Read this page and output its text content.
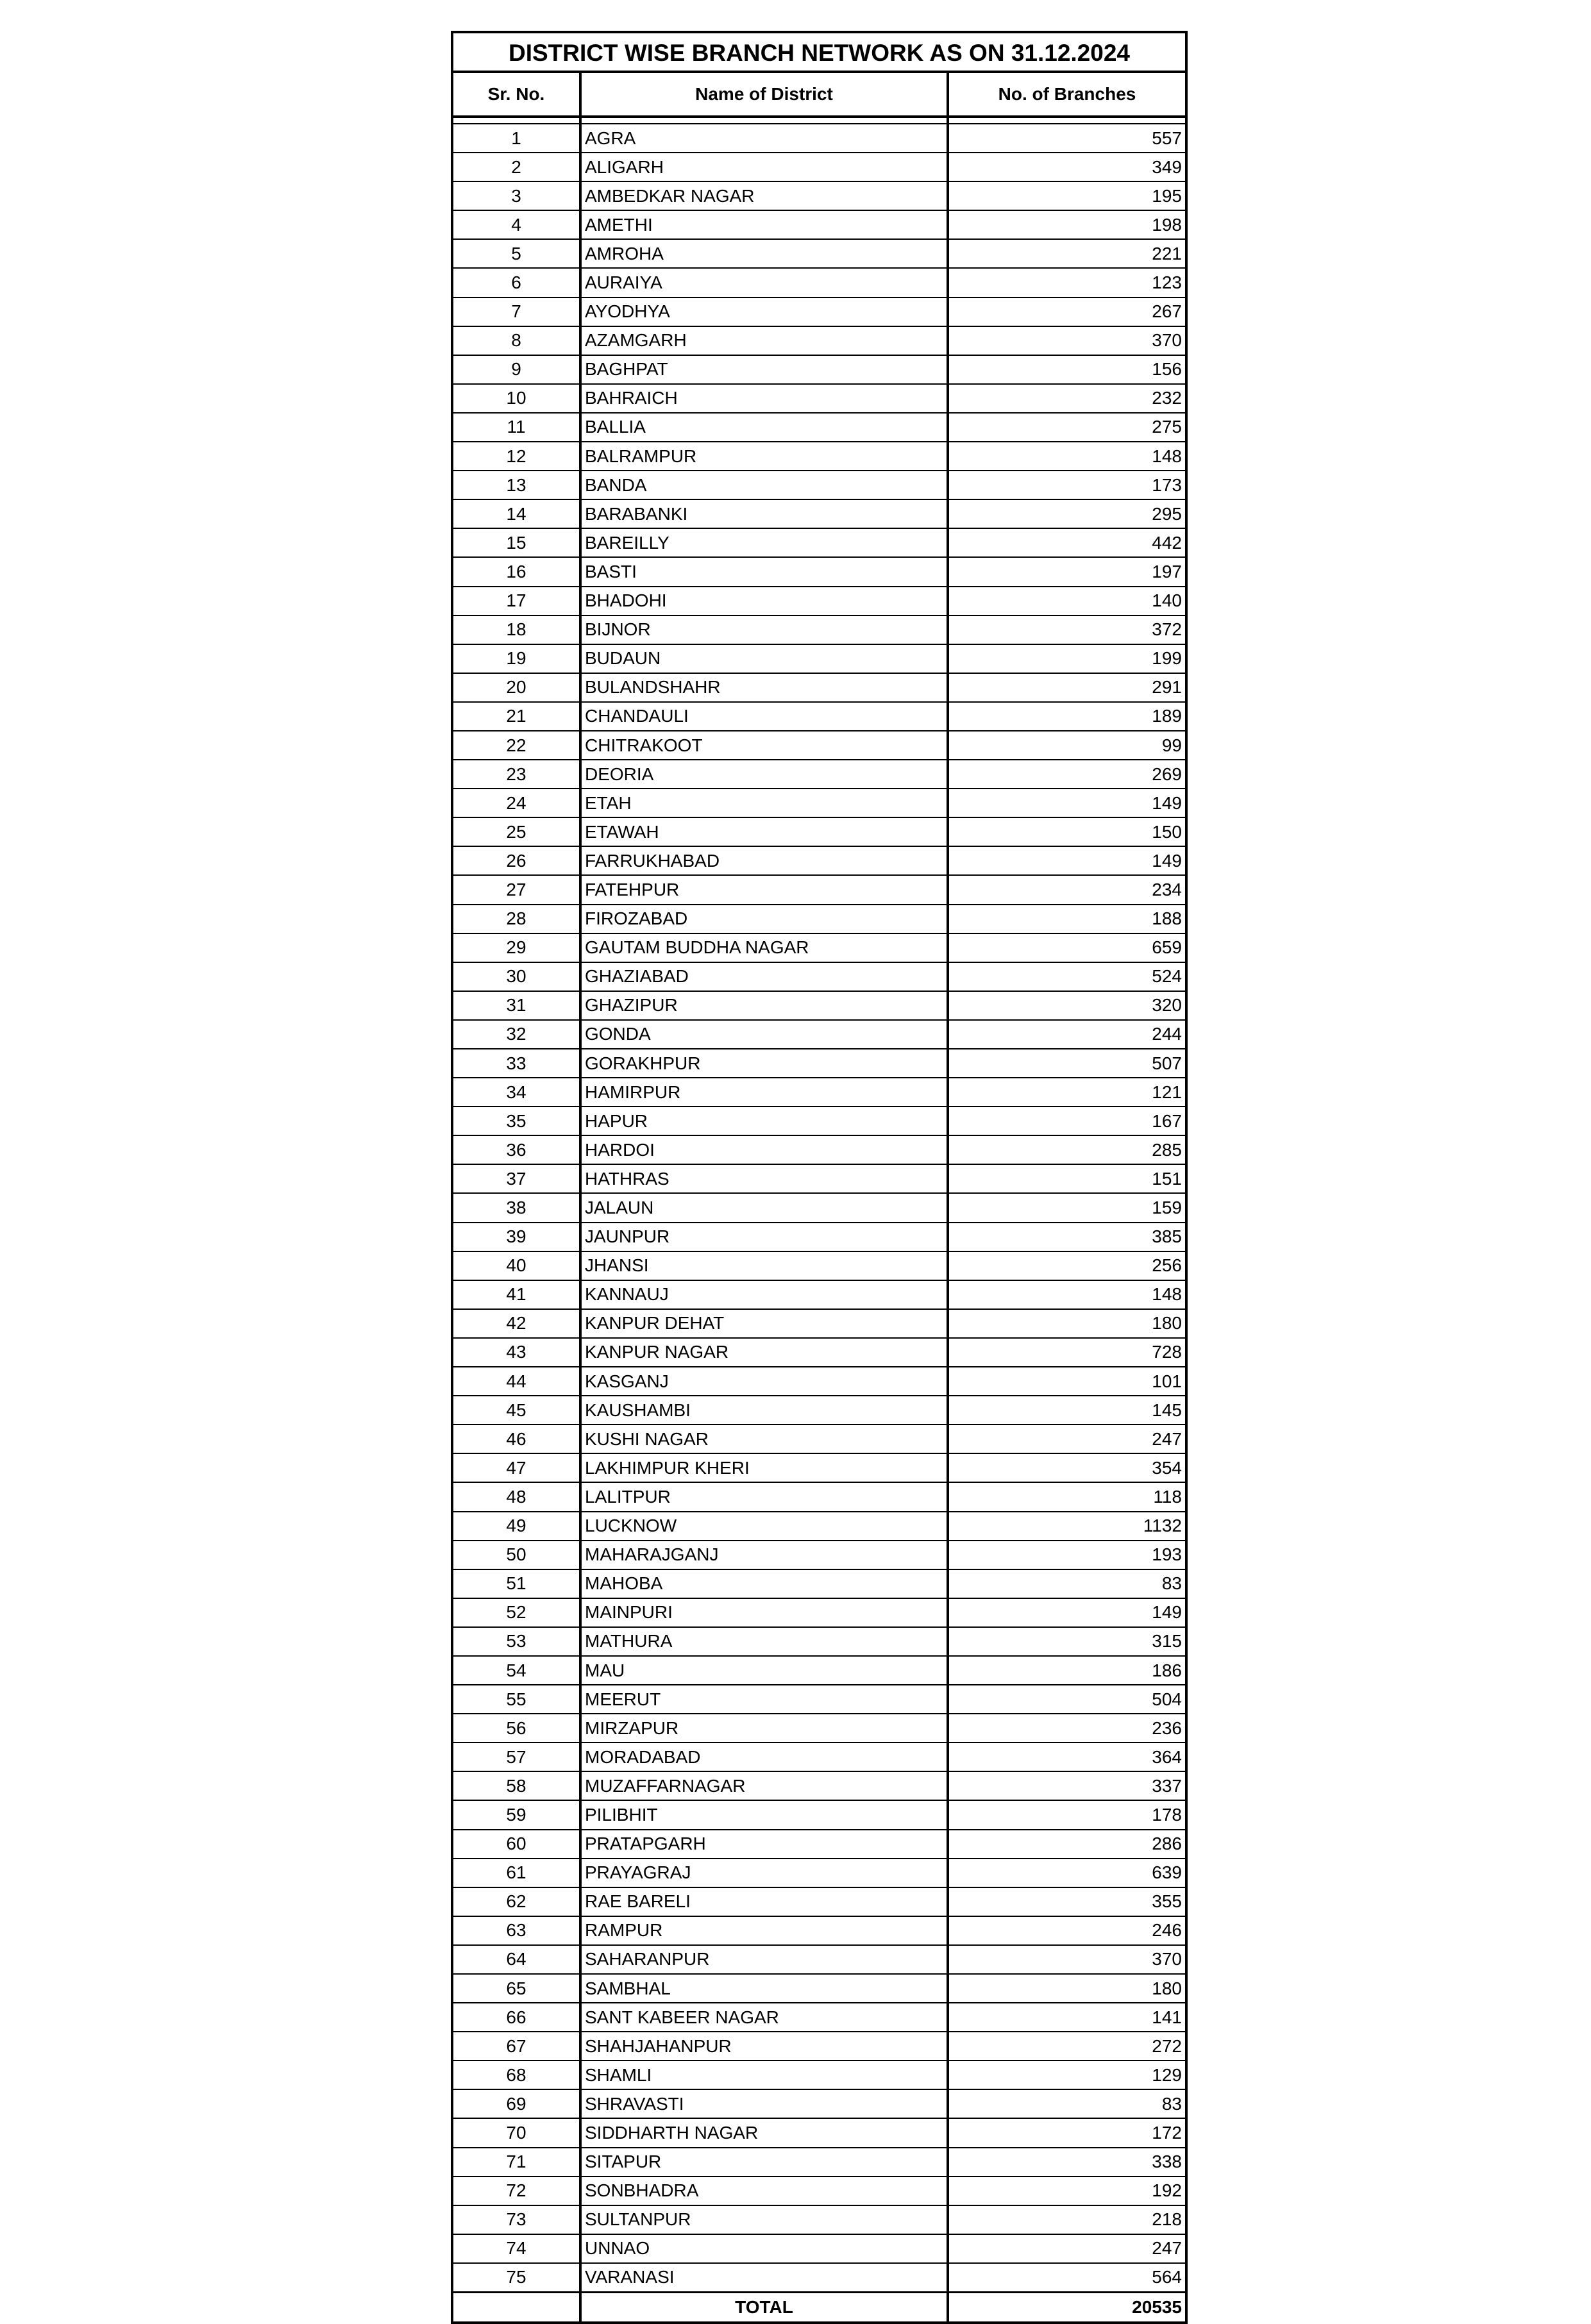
DISTRICT WISE BRANCH NETWORK AS ON 31.12.2024
Sr. No.	Name of District	No. of Branches

1	AGRA	557
2	ALIGARH	349
3	AMBEDKAR NAGAR	195
4	AMETHI	198
5	AMROHA	221
6	AURAIYA	123
7	AYODHYA	267
8	AZAMGARH	370
9	BAGHPAT	156
10	BAHRAICH	232
11	BALLIA	275
12	BALRAMPUR	148
13	BANDA	173
14	BARABANKI	295
15	BAREILLY	442
16	BASTI	197
17	BHADOHI	140
18	BIJNOR	372
19	BUDAUN	199
20	BULANDSHAHR	291
21	CHANDAULI	189
22	CHITRAKOOT	99
23	DEORIA	269
24	ETAH	149
25	ETAWAH	150
26	FARRUKHABAD	149
27	FATEHPUR	234
28	FIROZABAD	188
29	GAUTAM BUDDHA NAGAR	659
30	GHAZIABAD	524
31	GHAZIPUR	320
32	GONDA	244
33	GORAKHPUR	507
34	HAMIRPUR	121
35	HAPUR	167
36	HARDOI	285
37	HATHRAS	151
38	JALAUN	159
39	JAUNPUR	385
40	JHANSI	256
41	KANNAUJ	148
42	KANPUR DEHAT	180
43	KANPUR NAGAR	728
44	KASGANJ	101
45	KAUSHAMBI	145
46	KUSHI NAGAR	247
47	LAKHIMPUR KHERI	354
48	LALITPUR	118
49	LUCKNOW	1132
50	MAHARAJGANJ	193
51	MAHOBA	83
52	MAINPURI	149
53	MATHURA	315
54	MAU	186
55	MEERUT	504
56	MIRZAPUR	236
57	MORADABAD	364
58	MUZAFFARNAGAR	337
59	PILIBHIT	178
60	PRATAPGARH	286
61	PRAYAGRAJ	639
62	RAE BARELI	355
63	RAMPUR	246
64	SAHARANPUR	370
65	SAMBHAL	180
66	SANT KABEER NAGAR	141
67	SHAHJAHANPUR	272
68	SHAMLI	129
69	SHRAVASTI	83
70	SIDDHARTH NAGAR	172
71	SITAPUR	338
72	SONBHADRA	192
73	SULTANPUR	218
74	UNNAO	247
75	VARANASI	564
	TOTAL	20535
